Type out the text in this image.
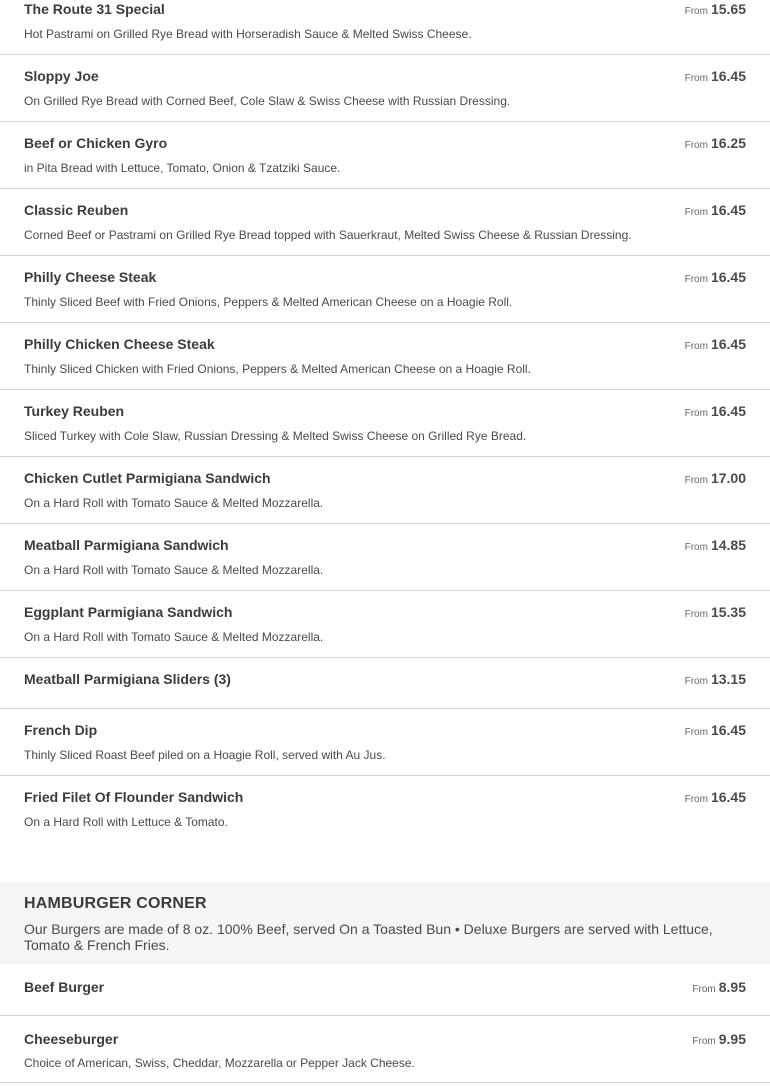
The Route 31 Special
Hot Pastrami on Grilled Rye Bread with Horseradish Sauce & Melted Swiss Cheese.
From 15.65
Sloppy Joe
On Grilled Rye Bread with Corned Beef, Cole Slaw & Swiss Cheese with Russian Dressing.
From 16.45
Beef or Chicken Gyro
in Pita Bread with Lettuce, Tomato, Onion & Tzatziki Sauce.
From 16.25
Classic Reuben
Corned Beef or Pastrami on Grilled Rye Bread topped with Sauerkraut, Melted Swiss Cheese & Russian Dressing.
From 16.45
Philly Cheese Steak
Thinly Sliced Beef with Fried Onions, Peppers & Melted American Cheese on a Hoagie Roll.
From 16.45
Philly Chicken Cheese Steak
Thinly Sliced Chicken with Fried Onions, Peppers & Melted American Cheese on a Hoagie Roll.
From 16.45
Turkey Reuben
Sliced Turkey with Cole Slaw, Russian Dressing & Melted Swiss Cheese on Grilled Rye Bread.
From 16.45
Chicken Cutlet Parmigiana Sandwich
On a Hard Roll with Tomato Sauce & Melted Mozzarella.
From 17.00
Meatball Parmigiana Sandwich
On a Hard Roll with Tomato Sauce & Melted Mozzarella.
From 14.85
Eggplant Parmigiana Sandwich
On a Hard Roll with Tomato Sauce & Melted Mozzarella.
From 15.35
Meatball Parmigiana Sliders (3)	From 13.15
French Dip
Thinly Sliced Roast Beef piled on a Hoagie Roll, served with Au Jus.
From 16.45
Fried Filet Of Flounder Sandwich
On a Hard Roll with Lettuce & Tomato.
From 16.45
HAMBURGER CORNER
Our Burgers are made of 8 oz. 100% Beef, served On a Toasted Bun • Deluxe Burgers are served with Lettuce, Tomato & French Fries.
Beef Burger	From 8.95
Cheeseburger
Choice of American, Swiss, Cheddar, Mozzarella or Pepper Jack Cheese.
From 9.95
